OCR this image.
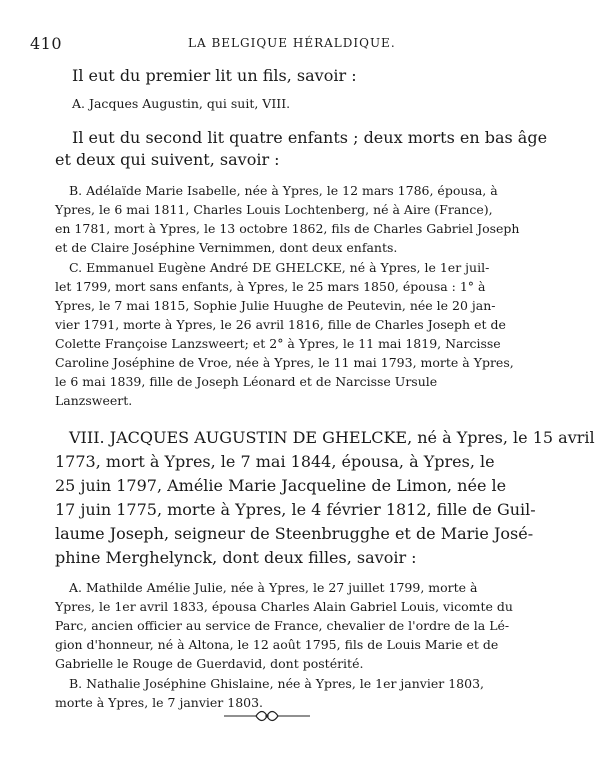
410	LA BELGIQUE HÉRALDIQUE.
Il eut du premier lit un fils, savoir :
A. Jacques Augustin, qui suit, VIII.
Il eut du second lit quatre enfants ; deux morts en bas âge
et deux qui suivent, savoir :
B. Adélaïde Marie Isabelle, née à Ypres, le 12 mars 1786, épousa, à
Ypres, le 6 mai 1811, Charles Louis Lochtenberg, né à Aire (France),
en 1781, mort à Ypres, le 13 octobre 1862, fils de Charles Gabriel Joseph
et de Claire Joséphine Vernimmen, dont deux enfants.
C. Emmanuel Eugène André DE GHELCKE, né à Ypres, le 1er juil-
let 1799, mort sans enfants, à Ypres, le 25 mars 1850, épousa : 1° à
Ypres, le 7 mai 1815, Sophie Julie Huughe de Peutevin, née le 20 jan-
vier 1791, morte à Ypres, le 26 avril 1816, fille de Charles Joseph et de
Colette Françoise Lanzsweert; et 2° à Ypres, le 11 mai 1819, Narcisse
Caroline Joséphine de Vroe, née à Ypres, le 11 mai 1793, morte à Ypres,
le 6 mai 1839, fille de Joseph Léonard et de Narcisse Ursule
Lanzsweert.
VIII. JACQUES AUGUSTIN DE GHELCKE, né à Ypres, le 15 avril
1773, mort à Ypres, le 7 mai 1844, épousa, à Ypres, le
25 juin 1797, Amélie Marie Jacqueline de Limon, née le
17 juin 1775, morte à Ypres, le 4 février 1812, fille de Guil-
laume Joseph, seigneur de Steenbrugghe et de Marie José-
phine Merghelynck, dont deux filles, savoir :
A. Mathilde Amélie Julie, née à Ypres, le 27 juillet 1799, morte à
Ypres, le 1er avril 1833, épousa Charles Alain Gabriel Louis, vicomte du
Parc, ancien officier au service de France, chevalier de l'ordre de la Lé-
gion d'honneur, né à Altona, le 12 août 1795, fils de Louis Marie et de
Gabrielle le Rouge de Guerdavid, dont postérité.
B. Nathalie Joséphine Ghislaine, née à Ypres, le 1er janvier 1803,
morte à Ypres, le 7 janvier 1803.
